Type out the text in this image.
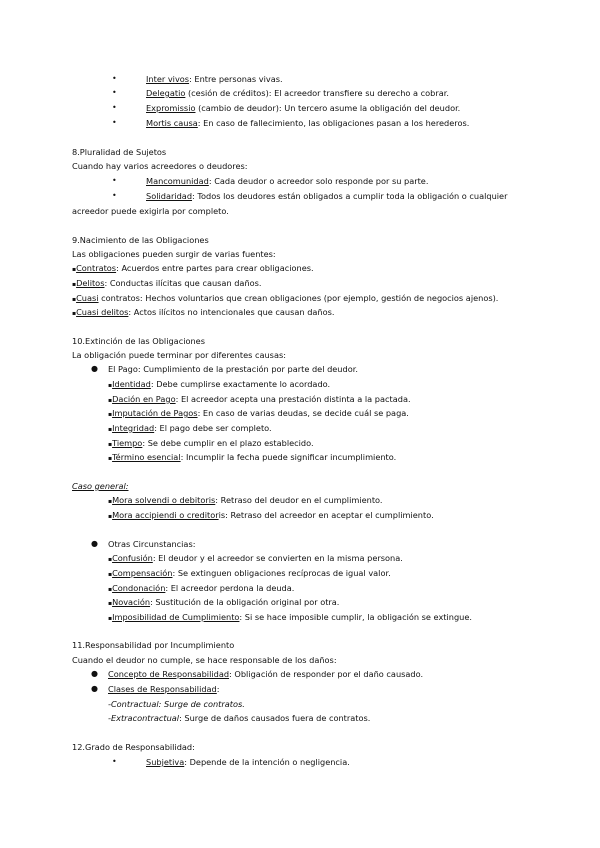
•	Inter vivos: Entre personas vivas.
•	Delegatio (cesión de créditos): El acreedor transfiere su derecho a cobrar.
•	Expromissio (cambio de deudor): Un tercero asume la obligación del deudor.
•	Mortis causa: En caso de fallecimiento, las obligaciones pasan a los herederos.
8.Pluralidad de Sujetos
Cuando hay varios acreedores o deudores:
•	Mancomunidad: Cada deudor o acreedor solo responde por su parte.
•	Solidaridad: Todos los deudores están obligados a cumplir toda la obligación o cualquier
acreedor puede exigirla por completo.
9.Nacimiento de las Obligaciones
Las obligaciones pueden surgir de varias fuentes:
▪Contratos: Acuerdos entre partes para crear obligaciones.
▪Delitos: Conductas ilícitas que causan daños.
▪Cuasi contratos: Hechos voluntarios que crean obligaciones (por ejemplo, gestión de negocios ajenos).
▪Cuasi delitos: Actos ilícitos no intencionales que causan daños.
10.Extinción de las Obligaciones
La obligación puede terminar por diferentes causas:
● El Pago: Cumplimiento de la prestación por parte del deudor.
▪Identidad: Debe cumplirse exactamente lo acordado.
▪Dación en Pago: El acreedor acepta una prestación distinta a la pactada.
▪Imputación de Pagos: En caso de varias deudas, se decide cuál se paga.
▪Integridad: El pago debe ser completo.
▪Tiempo: Se debe cumplir en el plazo establecido.
▪Término esencial: Incumplir la fecha puede significar incumplimiento.
Caso general:
▪Mora solvendi o debitoris: Retraso del deudor en el cumplimiento.
▪Mora accipiendi o creditoris: Retraso del acreedor en aceptar el cumplimiento.
● Otras Circunstancias:
▪Confusión: El deudor y el acreedor se convierten en la misma persona.
▪Compensación: Se extinguen obligaciones recíprocas de igual valor.
▪Condonación: El acreedor perdona la deuda.
▪Novación: Sustitución de la obligación original por otra.
▪Imposibilidad de Cumplimiento: Si se hace imposible cumplir, la obligación se extingue.
11.Responsabilidad por Incumplimiento
Cuando el deudor no cumple, se hace responsable de los daños:
● Concepto de Responsabilidad: Obligación de responder por el daño causado.
● Clases de Responsabilidad:
-Contractual: Surge de contratos.
-Extracontractual: Surge de daños causados fuera de contratos.
12.Grado de Responsabilidad:
•	Subjetiva: Depende de la intención o negligencia.
